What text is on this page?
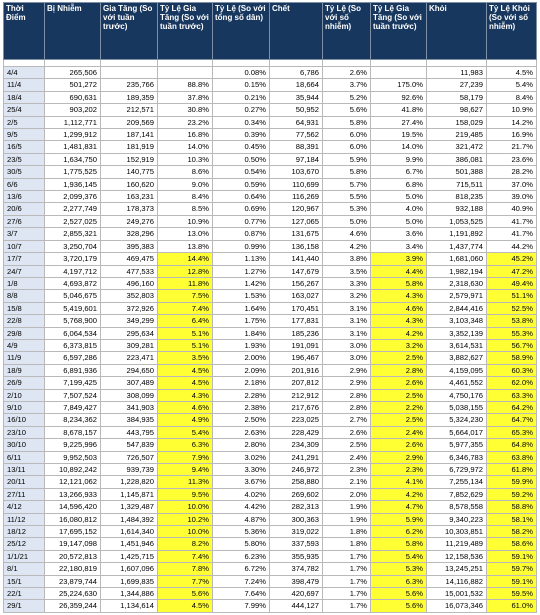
Thời Điểm	Bị Nhiễm	Gia Tăng (So với tuần trước)	Tỷ Lệ Gia Tăng (So với tuần trước)	Tỷ Lệ (So với tổng số dân)	Chết	Tỷ Lệ (So với số nhiễm)	Tỷ Lệ Gia Tăng (So với tuần trước)	Khỏi	Tỷ Lệ Khỏi (So với số nhiễm)

4/4	265,506			0.08%	6,786	2.6%		11,983	4.5%
11/4	501,272	235,766	88.8%	0.15%	18,664	3.7%	175.0%	27,239	5.4%
18/4	690,631	189,359	37.8%	0.21%	35,944	5.2%	92.6%	58,179	8.4%
25/4	903,202	212,571	30.8%	0.27%	50,952	5.6%	41.8%	98,627	10.9%
2/5	1,112,771	209,569	23.2%	0.34%	64,931	5.8%	27.4%	158,029	14.2%
9/5	1,299,912	187,141	16.8%	0.39%	77,562	6.0%	19.5%	219,485	16.9%
16/5	1,481,831	181,919	14.0%	0.45%	88,391	6.0%	14.0%	321,472	21.7%
23/5	1,634,750	152,919	10.3%	0.50%	97,184	5.9%	9.9%	386,081	23.6%
30/5	1,775,525	140,775	8.6%	0.54%	103,670	5.8%	6.7%	501,388	28.2%
6/6	1,936,145	160,620	9.0%	0.59%	110,699	5.7%	6.8%	715,511	37.0%
13/6	2,099,376	163,231	8.4%	0.64%	116,269	5.5%	5.0%	818,235	39.0%
20/6	2,277,749	178,373	8.5%	0.69%	120,967	5.3%	4.0%	932,188	40.9%
27/6	2,527,025	249,276	10.9%	0.77%	127,065	5.0%	5.0%	1,053,525	41.7%
3/7	2,855,321	328,296	13.0%	0.87%	131,675	4.6%	3.6%	1,191,892	41.7%
10/7	3,250,704	395,383	13.8%	0.99%	136,158	4.2%	3.4%	1,437,774	44.2%
17/7	3,720,179	469,475	14.4%	1.13%	141,440	3.8%	3.9%	1,681,060	45.2%
24/7	4,197,712	477,533	12.8%	1.27%	147,679	3.5%	4.4%	1,982,194	47.2%
1/8	4,693,872	496,160	11.8%	1.42%	156,267	3.3%	5.8%	2,318,630	49.4%
8/8	5,046,675	352,803	7.5%	1.53%	163,027	3.2%	4.3%	2,579,971	51.1%
15/8	5,419,601	372,926	7.4%	1.64%	170,451	3.1%	4.6%	2,844,416	52.5%
22/8	5,768,900	349,299	6.4%	1.75%	177,831	3.1%	4.3%	3,103,348	53.8%
29/8	6,064,534	295,634	5.1%	1.84%	185,236	3.1%	4.2%	3,352,139	55.3%
4/9	6,373,815	309,281	5.1%	1.93%	191,091	3.0%	3.2%	3,614,531	56.7%
11/9	6,597,286	223,471	3.5%	2.00%	196,467	3.0%	2.5%	3,882,627	58.9%
18/9	6,891,936	294,650	4.5%	2.09%	201,916	2.9%	2.8%	4,159,095	60.3%
26/9	7,199,425	307,489	4.5%	2.18%	207,812	2.9%	2.6%	4,461,552	62.0%
2/10	7,507,524	308,099	4.3%	2.28%	212,912	2.8%	2.5%	4,750,176	63.3%
9/10	7,849,427	341,903	4.6%	2.38%	217,676	2.8%	2.2%	5,038,155	64.2%
16/10	8,234,362	384,935	4.9%	2.50%	223,025	2.7%	2.5%	5,324,230	64.7%
23/10	8,678,157	443,795	5.4%	2.63%	228,429	2.6%	2.4%	5,664,017	65.3%
30/10	9,225,996	547,839	6.3%	2.80%	234,309	2.5%	2.6%	5,977,355	64.8%
6/11	9,952,503	726,507	7.9%	3.02%	241,291	2.4%	2.9%	6,346,783	63.8%
13/11	10,892,242	939,739	9.4%	3.30%	246,972	2.3%	2.3%	6,729,972	61.8%
20/11	12,121,062	1,228,820	11.3%	3.67%	258,880	2.1%	4.1%	7,255,134	59.9%
27/11	13,266,933	1,145,871	9.5%	4.02%	269,602	2.0%	4.2%	7,852,629	59.2%
4/12	14,596,420	1,329,487	10.0%	4.42%	282,313	1.9%	4.7%	8,578,558	58.8%
11/12	16,080,812	1,484,392	10.2%	4.87%	300,363	1.9%	5.9%	9,340,223	58.1%
18/12	17,695,152	1,614,340	10.0%	5.36%	319,022	1.8%	6.2%	10,303,851	58.2%
25/12	19,147,098	1,451,946	8.2%	5.80%	337,593	1.8%	5.8%	11,219,489	58.6%
1/1/21	20,572,813	1,425,715	7.4%	6.23%	355,935	1.7%	5.4%	12,158,536	59.1%
8/1	22,180,819	1,607,096	7.8%	6.72%	374,782	1.7%	5.3%	13,245,251	59.7%
15/1	23,879,744	1,699,835	7.7%	7.24%	398,479	1.7%	6.3%	14,116,882	59.1%
22/1	25,224,630	1,344,886	5.6%	7.64%	420,697	1.7%	5.6%	15,001,532	59.5%
29/1	26,359,244	1,134,614	4.5%	7.99%	444,127	1.7%	5.6%	16,073,346	61.0%
